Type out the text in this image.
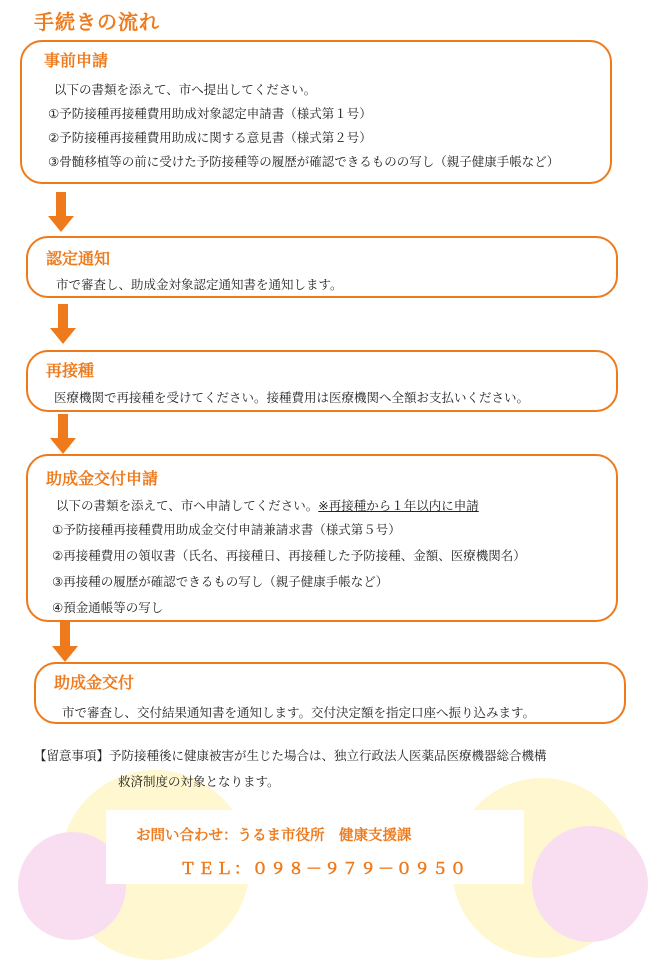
手続きの流れ
事前申請
以下の書類を添えて、市へ提出してください。
①予防接種再接種費用助成対象認定申請書（様式第１号）
②予防接種再接種費用助成に関する意見書（様式第２号）
③骨髄移植等の前に受けた予防接種等の履歴が確認できるものの写し（親子健康手帳など）
認定通知
市で審査し、助成金対象認定通知書を通知します。
再接種
医療機関で再接種を受けてください。接種費用は医療機関へ全額お支払いください。
助成金交付申請
以下の書類を添えて、市へ申請してください。※再接種から１年以内に申請
①予防接種再接種費用助成金交付申請兼請求書（様式第５号）
②再接種費用の領収書（氏名、再接種日、再接種した予防接種、金額、医療機関名）
③再接種の履歴が確認できるもの写し（親子健康手帳など）
④預金通帳等の写し
助成金交付
市で審査し、交付結果通知書を通知します。交付決定額を指定口座へ振り込みます。
【留意事項】予防接種後に健康被害が生じた場合は、独立行政法人医薬品医療機器総合機構
救済制度の対象となります。
お問い合わせ：うるま市役所　健康支援課
ＴＥＬ：０９８－９７９－０９５０
